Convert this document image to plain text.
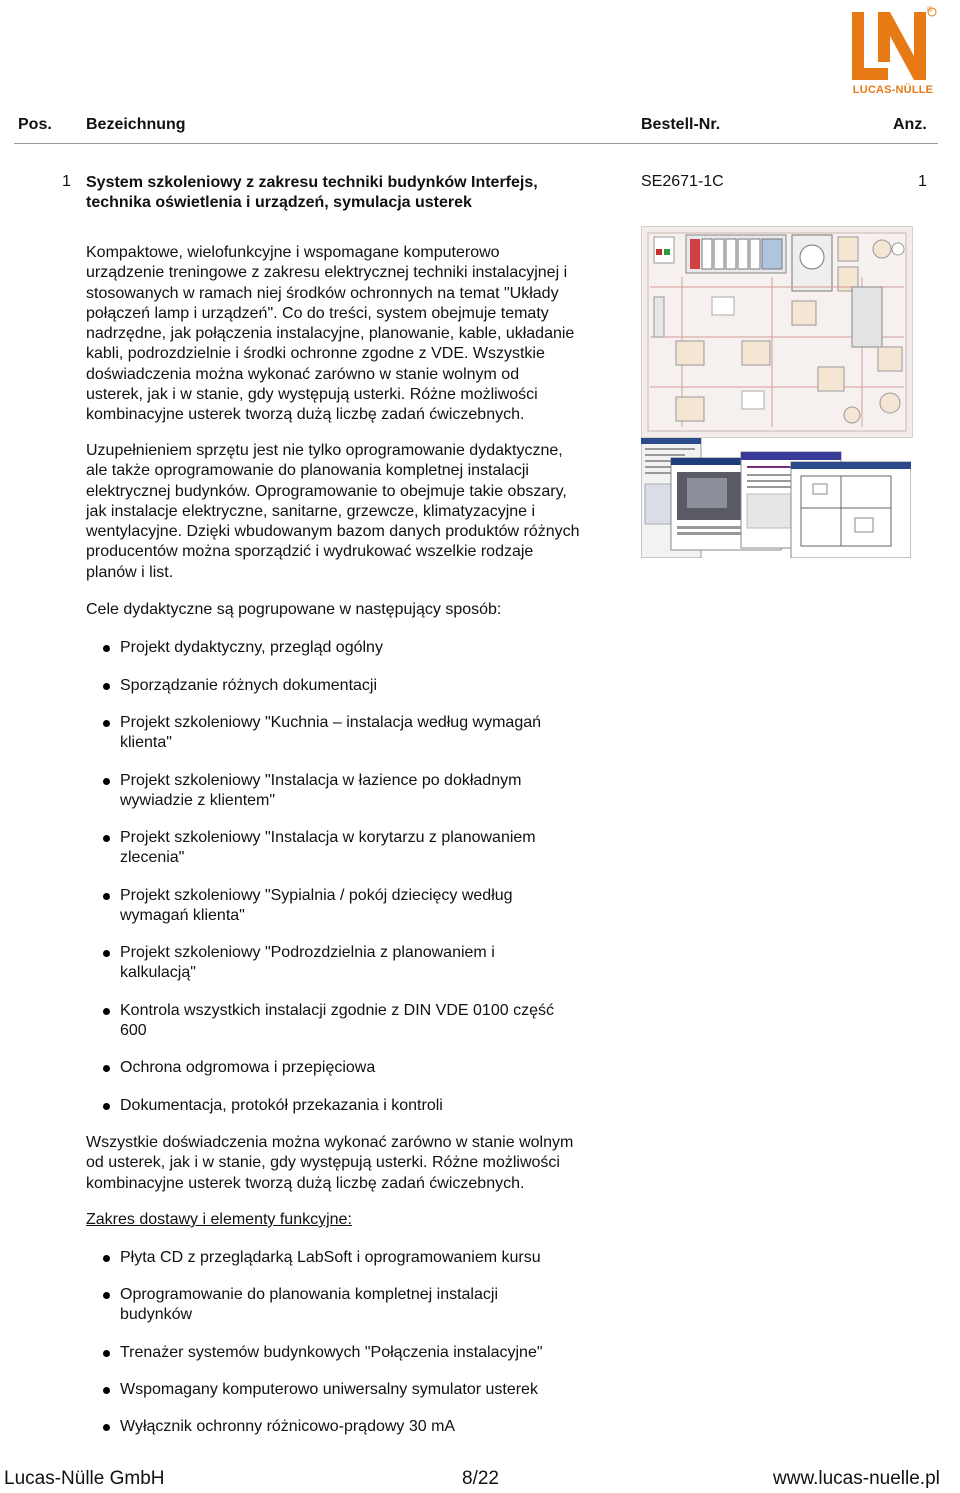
®
LUCAS-NÜLLE
Pos. Bezeichnung	Bestell-Nr.	Anz.
1 System szkoleniowy z zakresu techniki budynków Interfejs,
technika oświetlenia i urządzeń, symulacja usterek
SE2671-1C	1
Kompaktowe, wielofunkcyjne i wspomagane komputerowo
urządzenie treningowe z zakresu elektrycznej techniki instalacyjnej i
stosowanych w ramach niej środków ochronnych na temat "Układy
połączeń lamp i urządzeń". Co do treści, system obejmuje tematy
nadrzędne, jak połączenia instalacyjne, planowanie, kable, układanie
kabli, podrozdzielnie i środki ochronne zgodne z VDE. Wszystkie
doświadczenia można wykonać zarówno w stanie wolnym od
usterek, jak i w stanie, gdy występują usterki. Różne możliwości
kombinacyjne usterek tworzą dużą liczbę zadań ćwiczebnych.
Uzupełnieniem sprzętu jest nie tylko oprogramowanie dydaktyczne,
ale także oprogramowanie do planowania kompletnej instalacji
elektrycznej budynków. Oprogramowanie to obejmuje takie obszary,
jak instalacje elektryczne, sanitarne, grzewcze, klimatyzacyjne i
wentylacyjne. Dzięki wbudowanym bazom danych produktów różnych
producentów można sporządzić i wydrukować wszelkie rodzaje
planów i list.
Cele dydaktyczne są pogrupowane w następujący sposób:
Projekt dydaktyczny, przegląd ogólny
Sporządzanie różnych dokumentacji
Projekt szkoleniowy "Kuchnia – instalacja według wymagań
klienta"
Projekt szkoleniowy "Instalacja w łazience po dokładnym
wywiadzie z klientem"
Projekt szkoleniowy "Instalacja w korytarzu z planowaniem
zlecenia"
Projekt szkoleniowy "Sypialnia / pokój dziecięcy według
wymagań klienta"
Projekt szkoleniowy "Podrozdzielnia z planowaniem i
kalkulacją"
Kontrola wszystkich instalacji zgodnie z DIN VDE 0100 część
600
Ochrona odgromowa i przepięciowa
Dokumentacja, protokół przekazania i kontroli
Wszystkie doświadczenia można wykonać zarówno w stanie wolnym
od usterek, jak i w stanie, gdy występują usterki. Różne możliwości
kombinacyjne usterek tworzą dużą liczbę zadań ćwiczebnych.
Zakres dostawy i elementy funkcyjne:
Płyta CD z przeglądarką LabSoft i oprogramowaniem kursu
Oprogramowanie do planowania kompletnej instalacji
budynków
Trenażer systemów budynkowych "Połączenia instalacyjne"
Wspomagany komputerowo uniwersalny symulator usterek
Wyłącznik ochronny różnicowo-prądowy 30 mA
Lucas-Nülle GmbH	8/22	www.lucas-nuelle.pl
